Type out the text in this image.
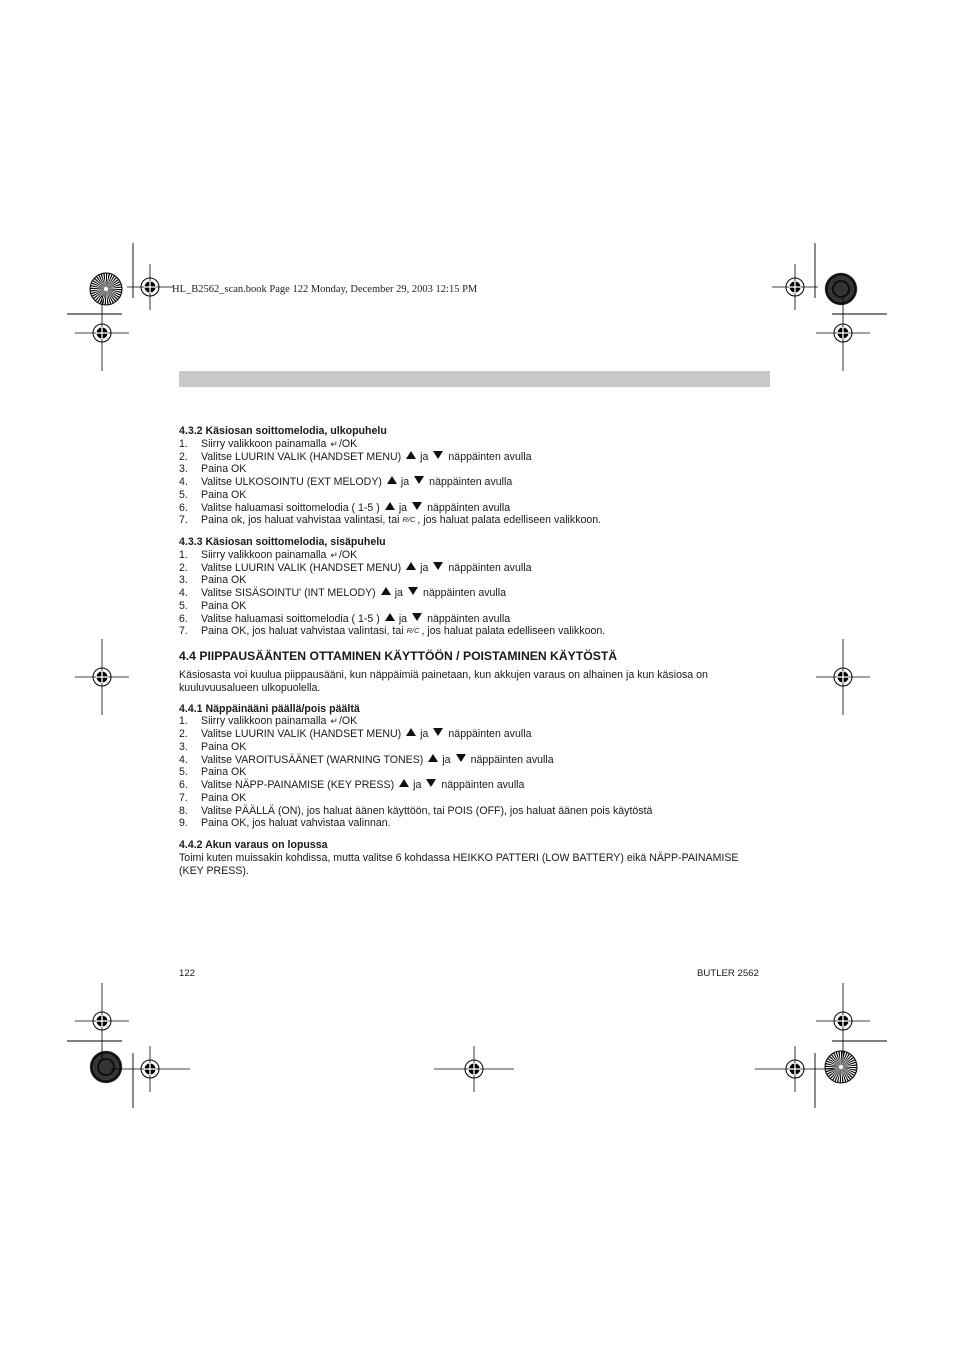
HL_B2562_scan.book Page 122 Monday, December 29, 2003 12:15 PM
4.3.2 Käsiosan soittomelodia, ulkopuhelu
1.	Siirry valikkoon painamalla ↵ /OK
2.	Valitse LUURIN VALIK (HANDSET MENU) ja näppäinten avulla
3.	Paina OK
4.	Valitse ULKOSOINTU (EXT MELODY) ja näppäinten avulla
5.	Paina OK
6.	Valitse haluamasi soittomelodia ( 1-5 ) ja näppäinten avulla
7.	Paina ok, jos haluat vahvistaa valintasi, tai R/C , jos haluat palata edelliseen valikkoon.
4.3.3 Käsiosan soittomelodia, sisäpuhelu
1.	Siirry valikkoon painamalla ↵ /OK
2.	Valitse LUURIN VALIK (HANDSET MENU) ja näppäinten avulla
3.	Paina OK
4.	Valitse SISÄSOINTU' (INT MELODY) ja näppäinten avulla
5.	Paina OK
6.	Valitse haluamasi soittomelodia ( 1-5 ) ja näppäinten avulla
7.	Paina OK, jos haluat vahvistaa valintasi, tai R/C , jos haluat palata edelliseen valikkoon.
4.4 PIIPPAUSÄÄNTEN OTTAMINEN KÄYTTÖÖN / POISTAMINEN KÄYTÖSTÄ

Käsiosasta voi kuulua piippausääni, kun näppäimiä painetaan, kun akkujen varaus on alhainen ja kun käsiosa on

kuuluvuusalueen ulkopuolella.

4.4.1 Näppäinääni päällä/pois päältä
1.	Siirry valikkoon painamalla ↵ /OK
2.	Valitse LUURIN VALIK (HANDSET MENU) ja näppäinten avulla
3.	Paina OK
4.	Valitse VAROITUSÄÄNET (WARNING TONES) ja näppäinten avulla
5.	Paina OK
6.	Valitse NÄPP-PAINAMISE (KEY PRESS) ja näppäinten avulla
7.	Paina OK
8.	Valitse PÄÄLLÄ (ON), jos haluat äänen käyttöön, tai POIS (OFF), jos haluat äänen pois käytöstä
9.	Paina OK, jos haluat vahvistaa valinnan.
4.4.2 Akun varaus on lopussa

Toimi kuten muissakin kohdissa, mutta valitse 6 kohdassa HEIKKO PATTERI (LOW BATTERY) eikä NÄPP-PAINAMISE

(KEY PRESS).

122	BUTLER 2562
